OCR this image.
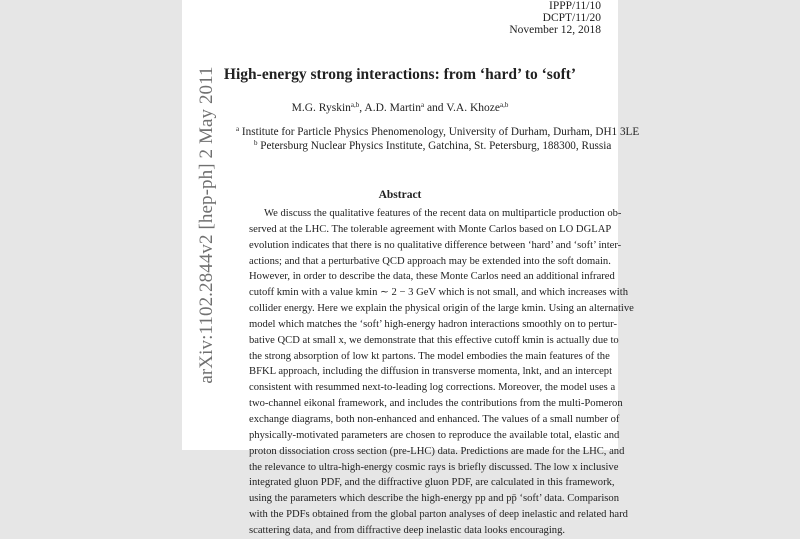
arXiv:1102.2844v2 [hep-ph] 2 May 2011
IPPP/11/10
DCPT/11/20
November 12, 2018
High-energy strong interactions: from ‘hard’ to ‘soft’
M.G. Ryskin$^{a,b}$, A.D. Martin$^a$ and V.A. Khoze$^{a,b}$
$^a$ Institute for Particle Physics Phenomenology, University of Durham, Durham, DH1 3LE
$^b$ Petersburg Nuclear Physics Institute, Gatchina, St. Petersburg, 188300, Russia
Abstract
We discuss the qualitative features of the recent data on multiparticle production ob-
served at the LHC. The tolerable agreement with Monte Carlos based on LO DGLAP
evolution indicates that there is no qualitative difference between ‘hard’ and ‘soft’ inter-
actions; and that a perturbative QCD approach may be extended into the soft domain.
However, in order to describe the data, these Monte Carlos need an additional infrared
cutoff kmin with a value kmin ∼ 2 − 3 GeV which is not small, and which increases with
collider energy. Here we explain the physical origin of the large kmin. Using an alternative
model which matches the ‘soft’ high-energy hadron interactions smoothly on to pertur-
bative QCD at small x, we demonstrate that this effective cutoff kmin is actually due to
the strong absorption of low kt partons. The model embodies the main features of the
BFKL approach, including the diffusion in transverse momenta, lnkt, and an intercept
consistent with resummed next-to-leading log corrections. Moreover, the model uses a
two-channel eikonal framework, and includes the contributions from the multi-Pomeron
exchange diagrams, both non-enhanced and enhanced. The values of a small number of
physically-motivated parameters are chosen to reproduce the available total, elastic and
proton dissociation cross section (pre-LHC) data. Predictions are made for the LHC, and
the relevance to ultra-high-energy cosmic rays is briefly discussed. The low x inclusive
integrated gluon PDF, and the diffractive gluon PDF, are calculated in this framework,
using the parameters which describe the high-energy pp and pp̄ ‘soft’ data. Comparison
with the PDFs obtained from the global parton analyses of deep inelastic and related hard
scattering data, and from diffractive deep inelastic data looks encouraging.
